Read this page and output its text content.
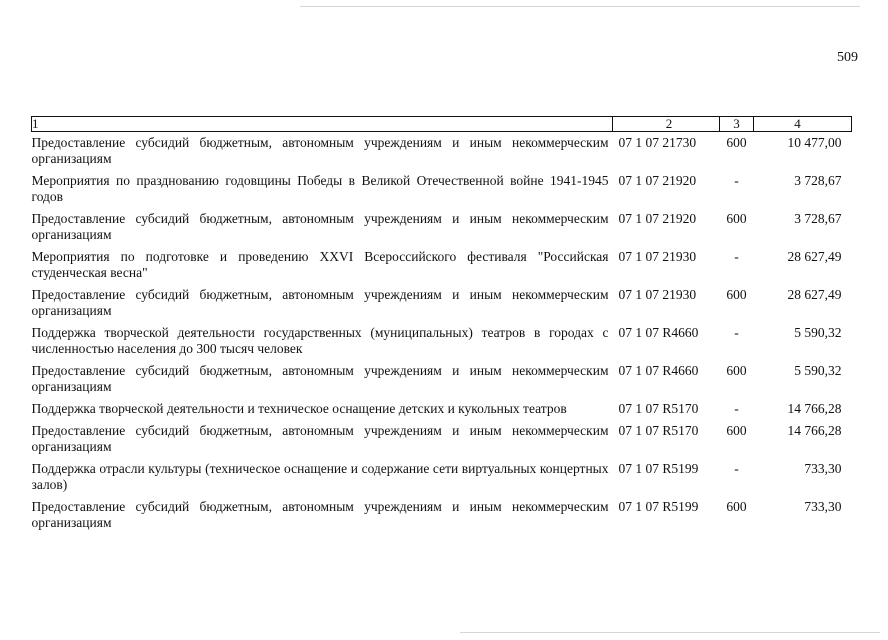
509
1	2	3	4
Предоставление субсидий бюджетным, автономным учреждениям и иным некоммерческим организациям	07 1 07 21730	600	10 477,00
Мероприятия по празднованию годовщины Победы в Великой Отечественной войне 1941-1945 годов	07 1 07 21920	-	3 728,67
Предоставление субсидий бюджетным, автономным учреждениям и иным некоммерческим организациям	07 1 07 21920	600	3 728,67
Мероприятия по подготовке и проведению XXVI Всероссийского фестиваля "Российская студенческая весна"	07 1 07 21930	-	28 627,49
Предоставление субсидий бюджетным, автономным учреждениям и иным некоммерческим организациям	07 1 07 21930	600	28 627,49
Поддержка творческой деятельности государственных (муниципальных) театров в городах с численностью населения до 300 тысяч человек	07 1 07 R4660	-	5 590,32
Предоставление субсидий бюджетным, автономным учреждениям и иным некоммерческим организациям	07 1 07 R4660	600	5 590,32
Поддержка творческой деятельности и техническое оснащение детских и кукольных театров	07 1 07 R5170	-	14 766,28
Предоставление субсидий бюджетным, автономным учреждениям и иным некоммерческим организациям	07 1 07 R5170	600	14 766,28
Поддержка отрасли культуры (техническое оснащение и содержание сети виртуальных концертных залов)	07 1 07 R5199	-	733,30
Предоставление субсидий бюджетным, автономным учреждениям и иным некоммерческим организациям	07 1 07 R5199	600	733,30
